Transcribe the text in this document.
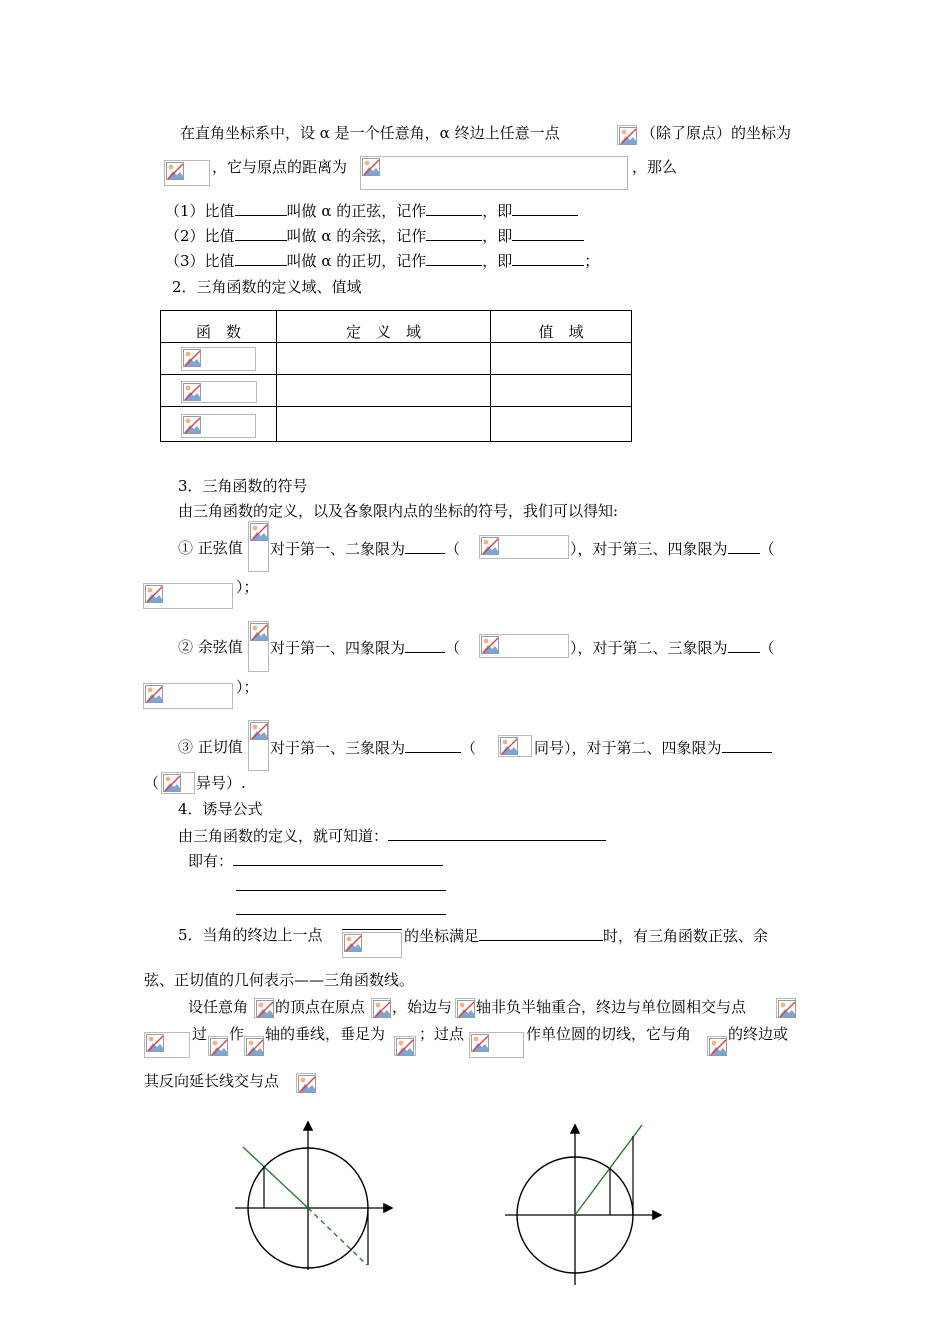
在直角坐标系中，设 α 是一个任意角，α 终边上任意一点	（除了原点）的坐标为
，它与原点的距离为	，那么
（1）比值	叫做 α 的正弦，记作	，即
（2）比值	叫做 α 的余弦，记作	，即
（3）比值	叫做 α 的正切，记作	，即	；
2．三角函数的定义域、值域
函　数	定　义　域	值　域

3．三角函数的符号
由三角函数的定义，以及各象限内点的坐标的符号，我们可以得知:
① 正弦值 对于第一、二象限为	（	），对于第三、四象限为 （
）；
② 余弦值 对于第一、四象限为	（	），对于第二、三象限为 （
）；
③ 正切值 对于第一、三象限为	（	同号），对于第二、四象限为
（ 异号）.
4．诱导公式
由三角函数的定义，就可知道：
即有：
5．当角的终边上一点	的坐标满足	时，有三角函数正弦、余
弦、正切值的几何表示——三角函数线。
设任意角 的顶点在原点 ，始边与 轴非负半轴重合，终边与单位圆相交与点
过 作 轴的垂线，垂足为 ；过点	作单位圆的切线，它与角 的终边或
其反向延长线交与点
